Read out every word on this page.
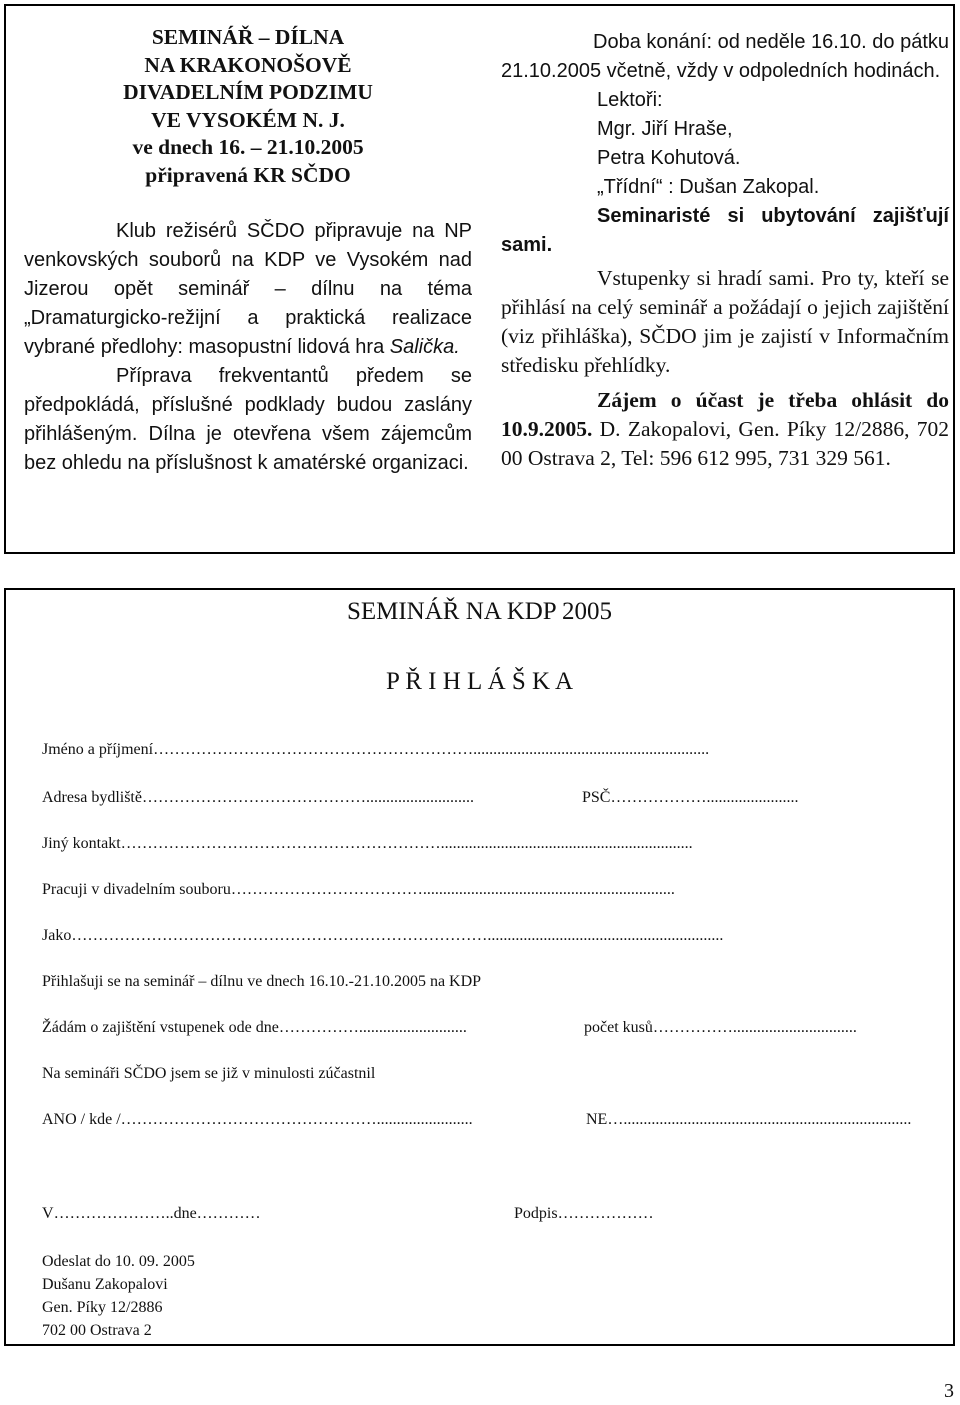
SEMINÁŘ – DÍLNA
NA KRAKONOŠOVĚ
DIVADELNÍM PODZIMU
VE VYSOKÉM N. J.
ve dnech 16. – 21.10.2005
připravená KR SČDO
Klub režisérů SČDO připravuje na NP venkovských souborů na KDP ve Vysokém nad Jizerou opět seminář – dílnu na téma „Dramaturgicko-režijní a praktická realizace vybrané předlohy: masopustní lidová hra Salička.
Příprava frekventantů předem se předpokládá, příslušné podklady budou zaslány přihlášeným. Dílna je otevřena všem zájemcům bez ohledu na příslušnost k amatérské organizaci.
Doba konání: od neděle 16.10. do pátku 21.10.2005 včetně, vždy v odpoledních hodinách.
Lektoři:
Mgr. Jiří Hraše,
Petra Kohutová.
„Třídní“ : Dušan Zakopal.
Seminaristé si ubytování zajišťují sami.
Vstupenky si hradí sami. Pro ty, kteří se přihlásí na celý seminář a požádají o jejich zajištění (viz přihláška), SČDO jim je zajistí v Informačním středisku přehlídky.
Zájem o účast je třeba ohlásit do 10.9.2005. D. Zakopalovi, Gen. Píky 12/2886, 702 00 Ostrava 2, Tel: 596 612 995, 731 329 561.
SEMINÁŘ NA KDP 2005
P Ř I H L Á Š K A
Jméno a příjmení……………………………………………………...........................................................
Adresa bydliště……………………………………...........................	PSČ……………….......................
Jiný kontakt……………………………………………………...............................................................
Pracuji v divadelním souboru………………………………...............................................................
Jako……………………………………………………………………...........................................................
Přihlašuji se na seminář – dílnu ve dnech 16.10.-21.10.2005 na KDP
Žádám o zajištění vstupenek ode dne……………...........................	počet kusů……………...............................
Na semináři SČDO jsem se již v minulosti zúčastnil
ANO / kde /…………………………………………........................	NE…........................................................................
V…………………..dne…………	Podpis………………
Odeslat do 10. 09. 2005
Dušanu Zakopalovi
Gen. Píky 12/2886
702 00 Ostrava 2
3
